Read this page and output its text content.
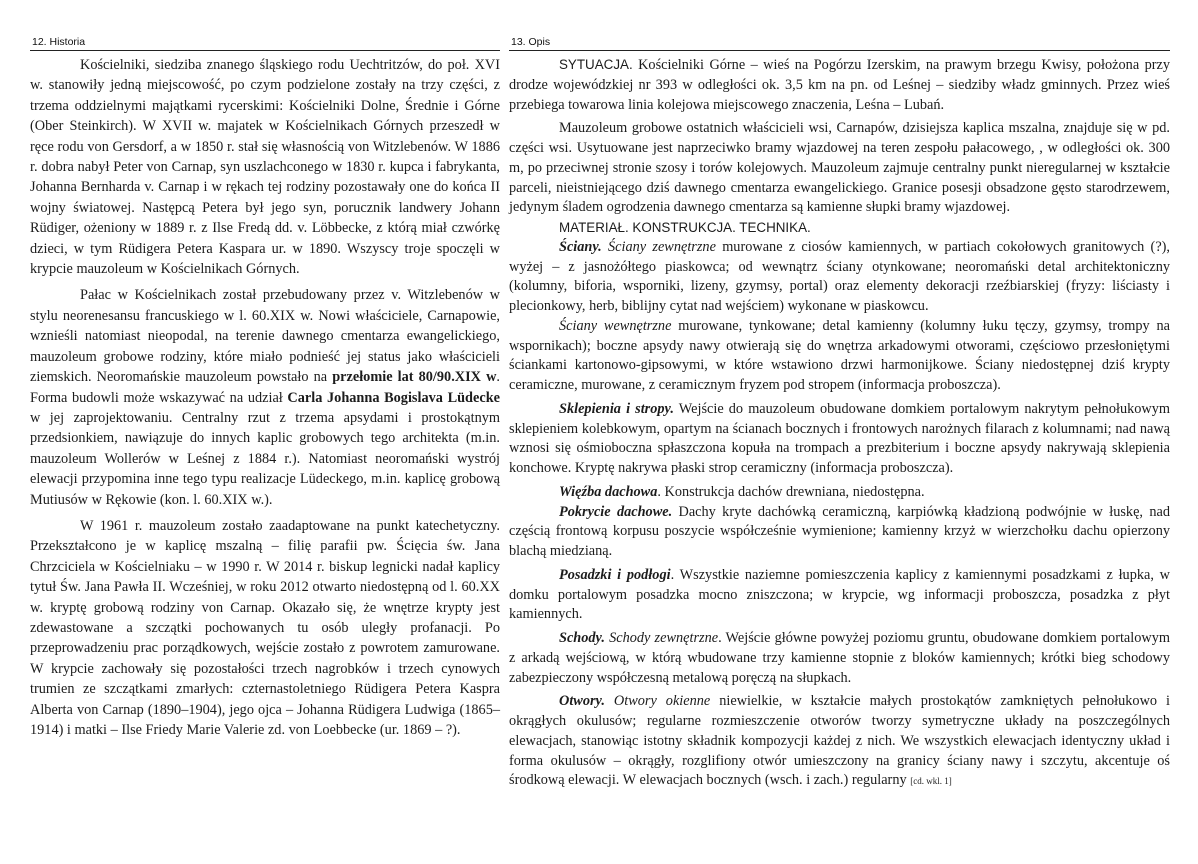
12. Historia	13. Opis

Kościelniki, siedziba znanego śląskiego rodu Uechtritzów, do poł. XVI w. stanowiły jedną miejscowość, po czym podzielone zostały na trzy części, z trzema oddzielnymi majątkami rycerskimi: Kościelniki Dolne, Średnie i Górne (Ober Steinkirch). W XVII w. majatek w Kościelnikach Górnych przeszedł w ręce rodu von Gersdorf, a w 1850 r. stał się własnością von Witzlebenów. W 1886 r. dobra nabył Peter von Carnap, syn uszlachconego w 1830 r. kupca i fabrykanta, Johanna Bernharda v. Carnap i w rękach tej rodziny pozostawały one do końca II wojny światowej. Następcą Petera był jego syn, porucznik landwery Johann Rüdiger, ożeniony w 1889 r. z Ilse Fredą dd. v. Löbbecke, z którą miał czwórkę dzieci, w tym Rüdigera Petera Kaspara ur. w 1890. Wszyscy troje spoczęli w krypcie mauzoleum w Kościelnikach Górnych.

Pałac w Kościelnikach został przebudowany przez v. Witzlebenów w stylu neorenesansu francuskiego w l. 60.XIX w. Nowi właściciele, Carnapowie, wznieśli natomiast nieopodal, na terenie dawnego cmentarza ewangelickiego, mauzoleum grobowe rodziny, które miało podnieść jej status jako właścicieli ziemskich. Neoromańskie mauzoleum powstało na przełomie lat 80/90.XIX w. Forma budowli może wskazywać na udział Carla Johanna Bogislava Lüdecke w jej zaprojektowaniu. Centralny rzut z trzema apsydami i prostokątnym przedsionkiem, nawiązuje do innych kaplic grobowych tego architekta (m.in. mauzoleum Wollerów w Leśnej z 1884 r.). Natomiast neoromański wystrój elewacji przypomina inne tego typu realizacje Lüdeckego, m.in. kaplicę grobową Mutiusów w Rękowie (kon. l. 60.XIX w.).

W 1961 r. mauzoleum zostało zaadaptowane na punkt katechetyczny. Przekształcono je w kaplicę mszalną – filię parafii pw. Ścięcia św. Jana Chrzciciela w Kościelniaku – w 1990 r. W 2014 r. biskup legnicki nadał kaplicy tytuł Św. Jana Pawła II. Wcześniej, w roku 2012 otwarto niedostępną od l. 60.XX w. kryptę grobową rodziny von Carnap. Okazało się, że wnętrze krypty jest zdewastowane a szczątki pochowanych tu osób uległy profanacji. Po przeprowadzeniu prac porządkowych, wejście zostało z powrotem zamurowane. W krypcie zachowały się pozostałości trzech nagrobków i trzech cynowych trumien ze szczątkami zmarłych: czternastoletniego Rüdigera Petera Kaspra Alberta von Carnap (1890–1904), jego ojca – Johanna Rüdigera Ludwiga (1865–1914) i matki – Ilse Friedy Marie Valerie zd. von Loebbecke (ur. 1869 – ?).

SYTUACJA. Kościelniki Górne – wieś na Pogórzu Izerskim, na prawym brzegu Kwisy, położona przy drodze wojewódzkiej nr 393 w odległości ok. 3,5 km na pn. od Leśnej – siedziby władz gminnych. Przez wieś przebiega towarowa linia kolejowa miejscowego znaczenia, Leśna – Lubań.

Mauzoleum grobowe ostatnich właścicieli wsi, Carnapów, dzisiejsza kaplica mszalna, znajduje się w pd. części wsi. Usytuowane jest naprzeciwko bramy wjazdowej na teren zespołu pałacowego, , w odległości ok. 300 m, po przeciwnej stronie szosy i torów kolejowych. Mauzoleum zajmuje centralny punkt nieregularnej w kształcie parceli, nieistniejącego dziś dawnego cmentarza ewangelickiego. Granice posesji obsadzone gęsto starodrzewem, jedynym śladem ogrodzenia dawnego cmentarza są kamienne słupki bramy wjazdowej.

MATERIAŁ. KONSTRUKCJA. TECHNIKA.

Ściany. Ściany zewnętrzne murowane z ciosów kamiennych, w partiach cokołowych granitowych (?), wyżej – z jasnożółtego piaskowca; od wewnątrz ściany otynkowane; neoromański detal architektoniczny (kolumny, biforia, wsporniki, lizeny, gzymsy, portal) oraz elementy dekoracji rzeźbiarskiej (fryzy: liściasty i plecionkowy, herb, biblijny cytat nad wejściem) wykonane w piaskowcu.

Ściany wewnętrzne murowane, tynkowane; detal kamienny (kolumny łuku tęczy, gzymsy, trompy na wspornikach); boczne apsydy nawy otwierają się do wnętrza arkadowymi otworami, częściowo przesłoniętymi ściankami kartonowo-gipsowymi, w które wstawiono drzwi harmonijkowe. Ściany niedostępnej dziś krypty ceramiczne, murowane, z ceramicznym fryzem pod stropem (informacja proboszcza).

Sklepienia i stropy. Wejście do mauzoleum obudowane domkiem portalowym nakrytym pełnołukowym sklepieniem kolebkowym, opartym na ścianach bocznych i frontowych narożnych filarach z kolumnami; nad nawą wznosi się ośmioboczna spłaszczona kopuła na trompach a prezbiterium i boczne apsydy nakrywają sklepienia konchowe. Kryptę nakrywa płaski strop ceramiczny (informacja proboszcza).

Więźba dachowa. Konstrukcja dachów drewniana, niedostępna.

Pokrycie dachowe. Dachy kryte dachówką ceramiczną, karpiówką kładzioną podwójnie w łuskę, nad częścią frontową korpusu poszycie współcześnie wymienione; kamienny krzyż w wierzchołku dachu opierzony blachą miedzianą.

Posadzki i podłogi. Wszystkie naziemne pomieszczenia kaplicy z kamiennymi posadzkami z łupka, w domku portalowym posadzka mocno zniszczona; w krypcie, wg informacji proboszcza, posadzka z płyt kamiennych.

Schody. Schody zewnętrzne. Wejście główne powyżej poziomu gruntu, obudowane domkiem portalowym z arkadą wejściową, w którą wbudowane trzy kamienne stopnie z bloków kamiennych; krótki bieg schodowy zabezpieczony współczesną metalową poręczą na słupkach.

Otwory. Otwory okienne niewielkie, w kształcie małych prostokątów zamkniętych pełnołukowo i okrągłych okulusów; regularne rozmieszczenie otworów tworzy symetryczne układy na poszczególnych elewacjach, stanowiąc istotny składnik kompozycji każdej z nich. We wszystkich elewacjach identyczny układ i forma okulusów – okrągły, rozglifiony otwór umieszczony na granicy ściany nawy i szczytu, akcentuje oś środkową elewacji. W elewacjach bocznych (wsch. i zach.) regularny [cd. wkl. 1]
